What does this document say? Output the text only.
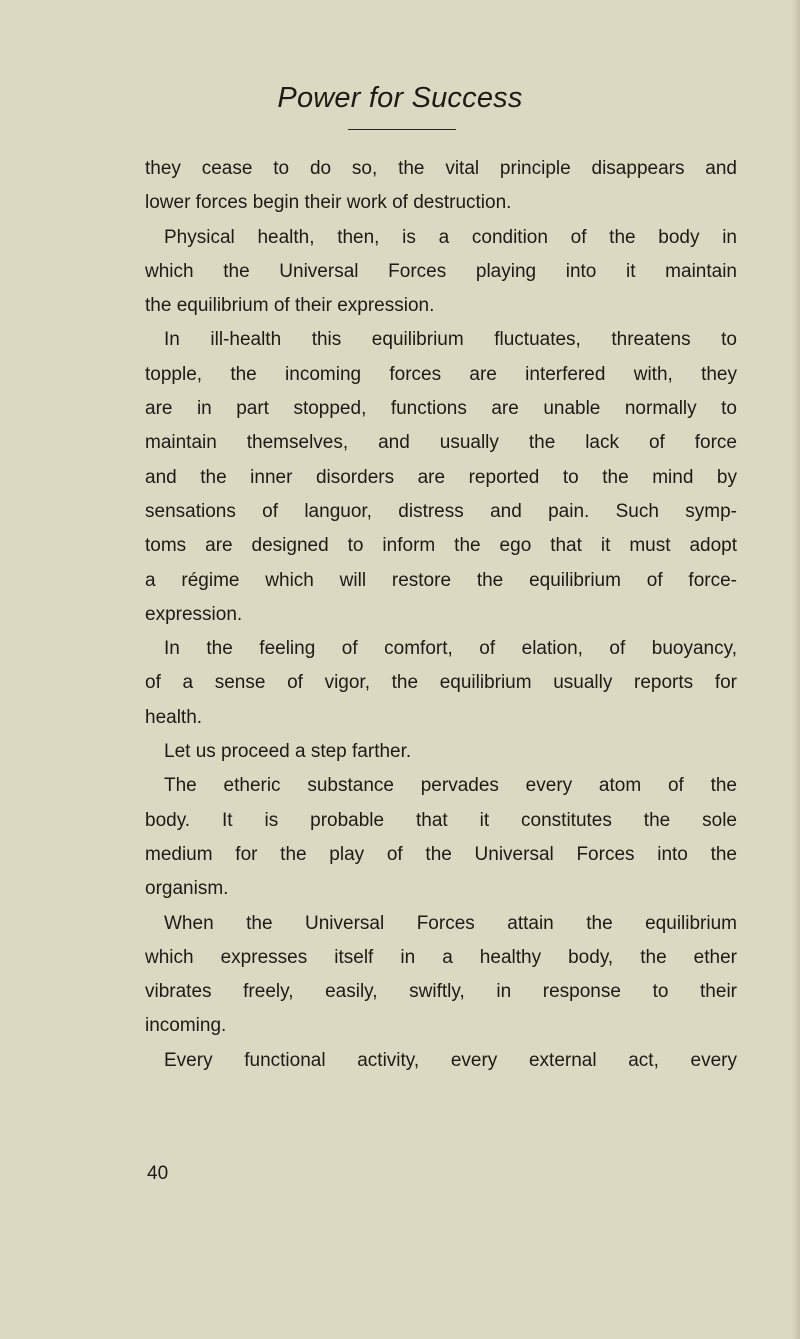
Power for Success
they cease to do so, the vital principle disappears and
lower forces begin their work of destruction.
Physical health, then, is a condition of the body in
which the Universal Forces playing into it maintain
the equilibrium of their expression.
In ill-health this equilibrium fluctuates, threatens to
topple, the incoming forces are interfered with, they
are in part stopped, functions are unable normally to
maintain themselves, and usually the lack of force
and the inner disorders are reported to the mind by
sensations of languor, distress and pain. Such symp-
toms are designed to inform the ego that it must adopt
a régime which will restore the equilibrium of force-
expression.
In the feeling of comfort, of elation, of buoyancy,
of a sense of vigor, the equilibrium usually reports for
health.
Let us proceed a step farther.
The etheric substance pervades every atom of the
body. It is probable that it constitutes the sole
medium for the play of the Universal Forces into the
organism.
When the Universal Forces attain the equilibrium
which expresses itself in a healthy body, the ether
vibrates freely, easily, swiftly, in response to their
incoming.
Every functional activity, every external act, every
40
